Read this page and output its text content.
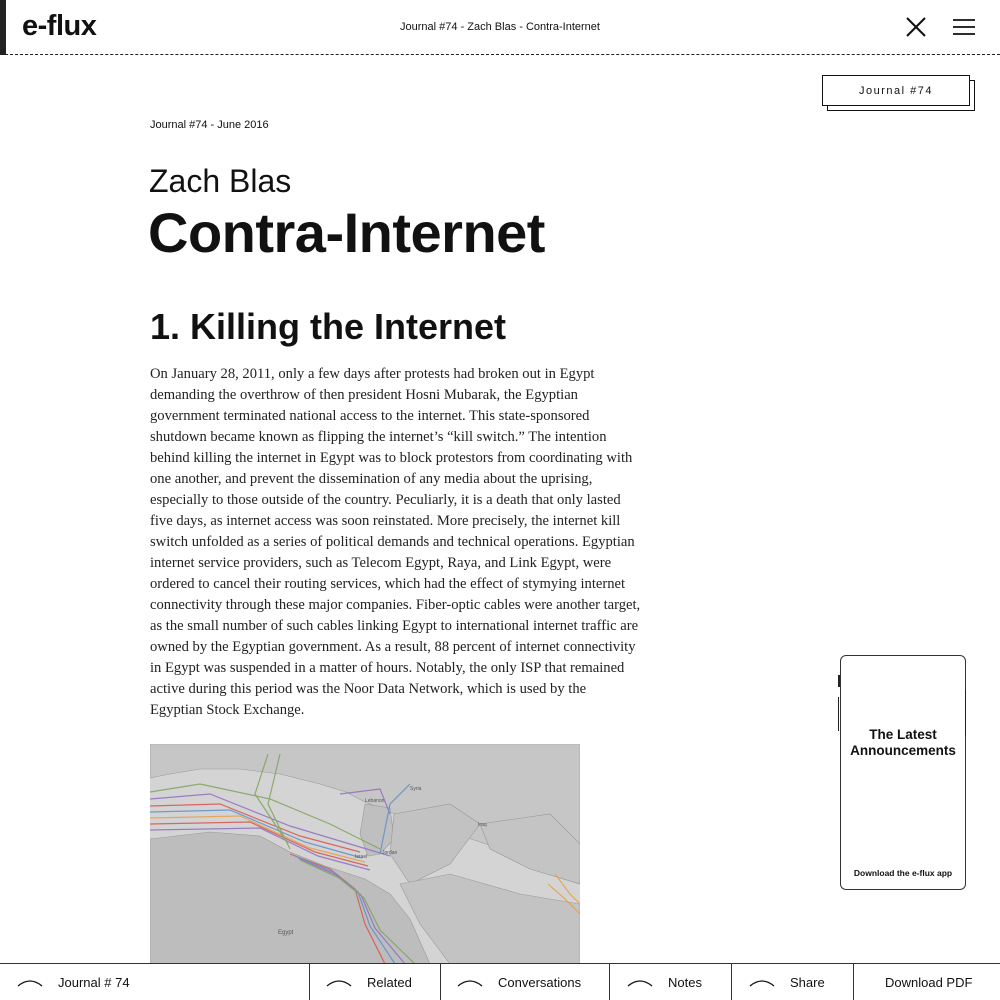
e-flux	Journal #74 - Zach Blas - Contra-Internet
Journal #74
Journal #74 - June 2016
Zach Blas
Contra-Internet
1. Killing the Internet

On January 28, 2011, only a few days after protests had broken out in Egypt demanding the overthrow of then president Hosni Mubarak, the Egyptian government terminated national access to the internet. This state-sponsored shutdown became known as flipping the internet’s “kill switch.” The intention behind killing the internet in Egypt was to block protestors from coordinating with one another, and prevent the dissemination of any media about the uprising, especially to those outside of the country. Peculiarly, it is a death that only lasted five days, as internet access was soon reinstated. More precisely, the internet kill switch unfolded as a series of political demands and technical operations. Egyptian internet service providers, such as Telecom Egypt, Raya, and Link Egypt, were ordered to cancel their routing services, which had the effect of stymying internet connectivity through these major companies. Fiber-optic cables were another target, as the small number of such cables linking Egypt to international internet traffic are owned by the Egyptian government. As a result, 88 percent of internet connectivity in Egypt was suspended in a matter of hours. Notably, the only ISP that remained active during this period was the Noor Data Network, which is used by the Egyptian Stock Exchange.

Syria
Iraq
Jordan
Israel
Lebanon
Egypt
The Latest
Announcements
Download the e-flux app
Journal # 74	Related	Conversations	Notes	Share	Download PDF
